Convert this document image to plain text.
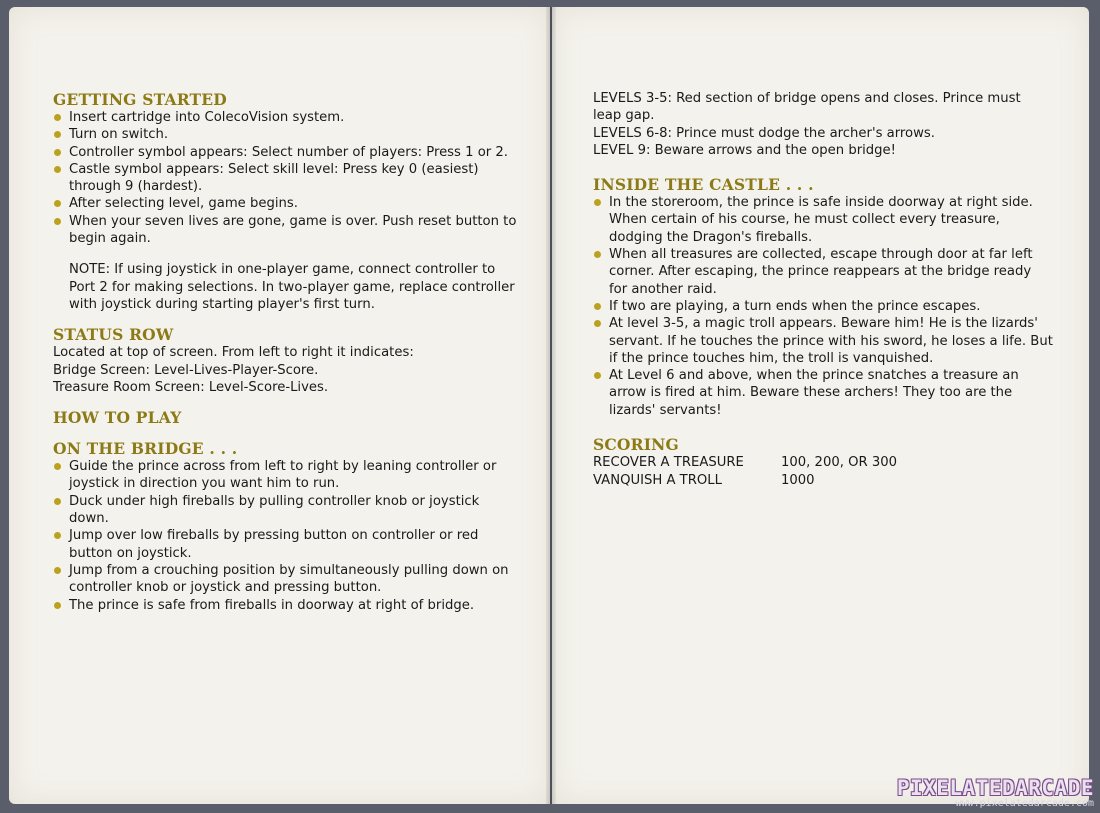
GETTING STARTED
Insert cartridge into ColecoVision system.
Turn on switch.
Controller symbol appears: Select number of players: Press 1 or 2.
Castle symbol appears: Select skill level: Press key 0 (easiest) through 9 (hardest).
After selecting level, game begins.
When your seven lives are gone, game is over. Push reset button to begin again.

NOTE: If using joystick in one-player game, connect controller to Port 2 for making selections. In two-player game, replace controller with joystick during starting player's first turn.

STATUS ROW

Located at top of screen. From left to right it indicates:

Bridge Screen: Level-Lives-Player-Score.

Treasure Room Screen: Level-Score-Lives.

HOW TO PLAY
ON THE BRIDGE . . .
Guide the prince across from left to right by leaning controller or joystick in direction you want him to run.
Duck under high fireballs by pulling controller knob or joystick down.
Jump over low fireballs by pressing button on controller or red button on joystick.
Jump from a crouching position by simultaneously pulling down on controller knob or joystick and pressing button.
The prince is safe from fireballs in doorway at right of bridge.

LEVELS 3-5: Red section of bridge opens and closes. Prince must leap gap.

LEVELS 6-8: Prince must dodge the archer's arrows.

LEVEL 9: Beware arrows and the open bridge!

INSIDE THE CASTLE . . .
In the storeroom, the prince is safe inside doorway at right side. When certain of his course, he must collect every treasure, dodging the Dragon's fireballs.
When all treasures are collected, escape through door at far left corner. After escaping, the prince reappears at the bridge ready for another raid.
If two are playing, a turn ends when the prince escapes.
At level 3-5, a magic troll appears. Beware him! He is the lizards' servant. If he touches the prince with his sword, he loses a life. But if the prince touches him, the troll is vanquished.
At Level 6 and above, when the prince snatches a treasure an arrow is fired at him. Beware these archers! They too are the lizards' servants!
SCORING
RECOVER A TREASURE	100, 200, OR 300
VANQUISH A TROLL	1000
PIXELATEDARCADE
www.pixelatedarcade.com
